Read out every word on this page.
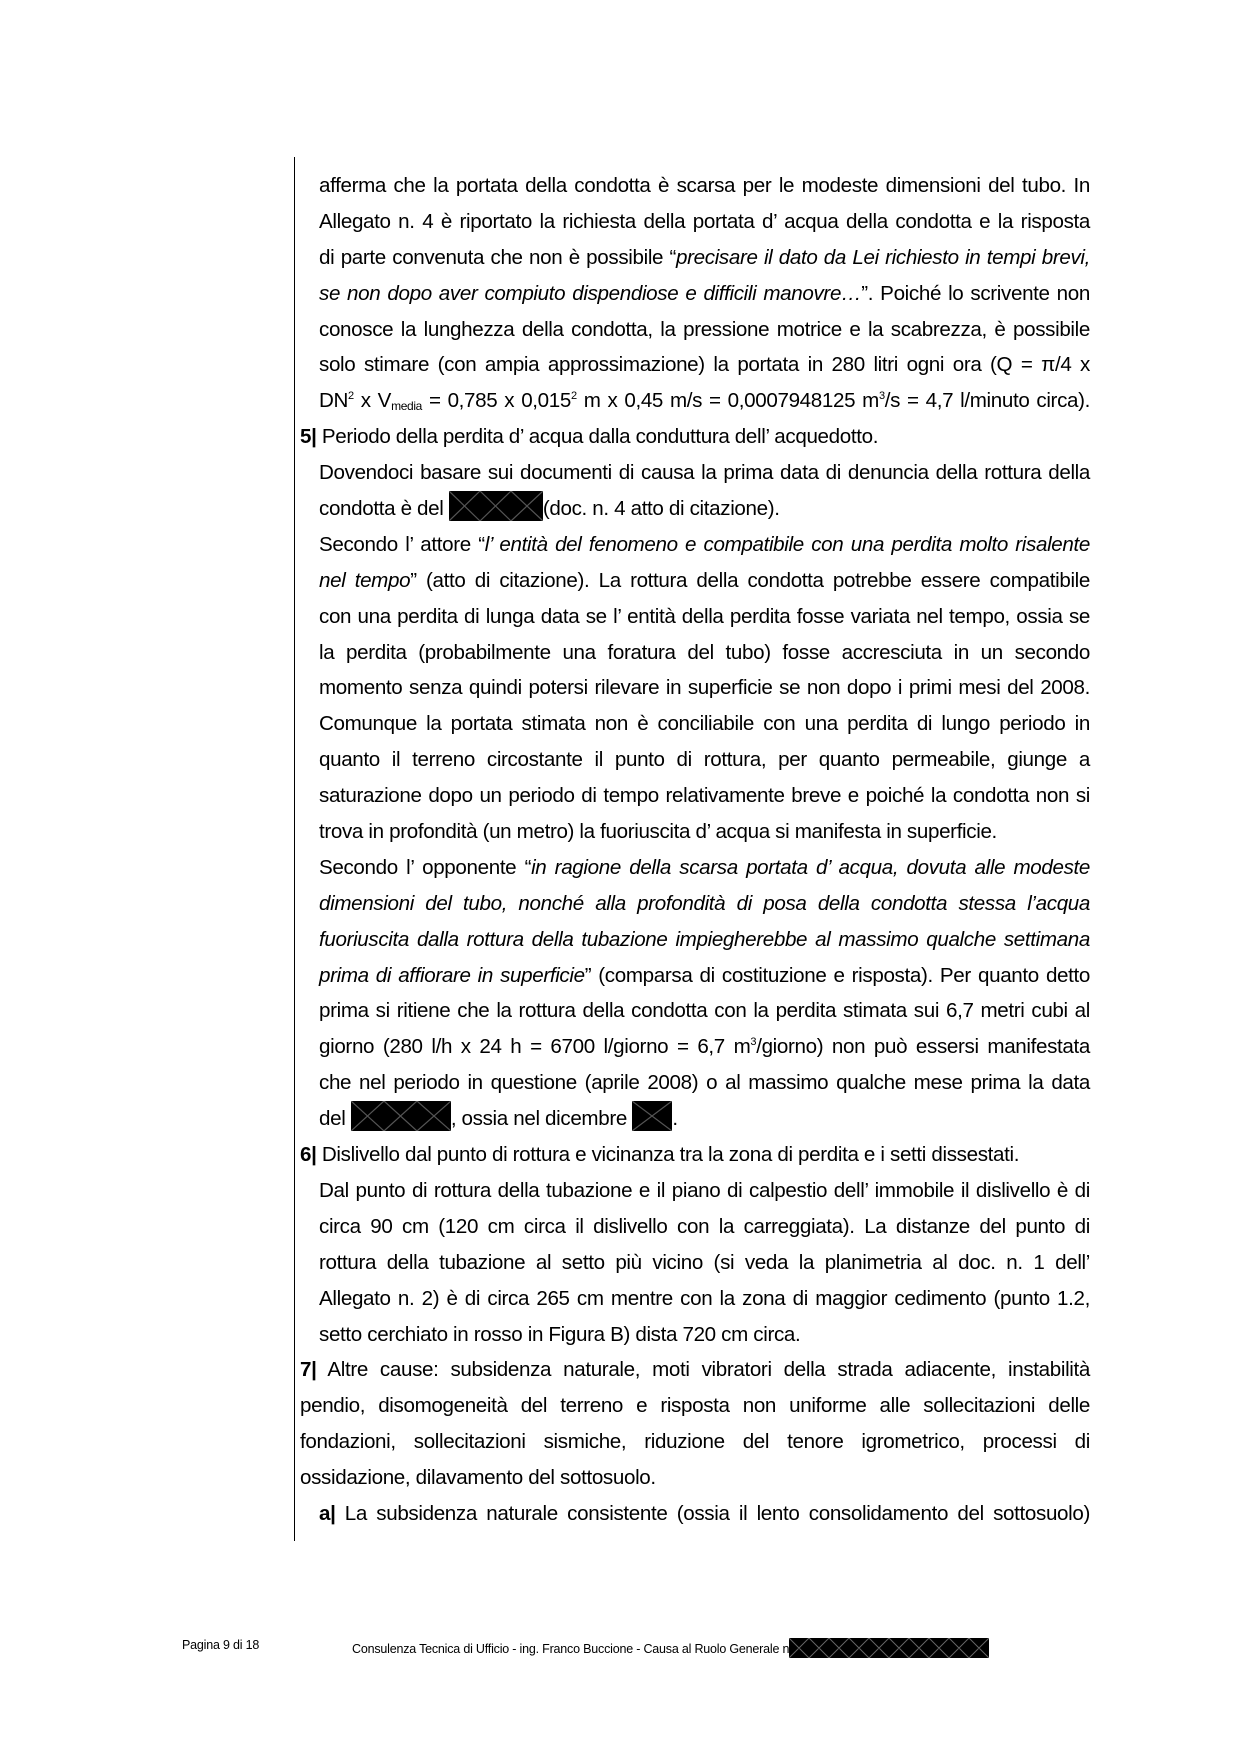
afferma che la portata della condotta è scarsa per le modeste dimensioni del tubo. In
Allegato n. 4 è riportato la richiesta della portata d’ acqua della condotta e la risposta
di parte convenuta che non è possibile “precisare il dato da Lei richiesto in tempi brevi,
se non dopo aver compiuto dispendiose e difficili manovre…”. Poiché lo scrivente non
conosce la lunghezza della condotta, la pressione motrice e la scabrezza, è possibile
solo stimare (con ampia approssimazione) la portata in 280 litri ogni ora (Q = π/4 x
$DN^2$ x $V_{media} = 0,785$ x 0,015$^2$ m x 0,45 m/s = 0,0007948125 $m^3/s = 4,7$ l/minuto circa).
5| Periodo della perdita d’ acqua dalla conduttura dell’ acquedotto.
Dovendoci basare sui documenti di causa la prima data di denuncia della rottura della
condotta è del	(doc. n. 4 atto di citazione).
Secondo l’ attore “l’ entità del fenomeno e compatibile con una perdita molto risalente
nel tempo” (atto di citazione). La rottura della condotta potrebbe essere compatibile
con una perdita di lunga data se l’ entità della perdita fosse variata nel tempo, ossia se
la perdita (probabilmente una foratura del tubo) fosse accresciuta in un secondo
momento senza quindi potersi rilevare in superficie se non dopo i primi mesi del 2008.
Comunque la portata stimata non è conciliabile con una perdita di lungo periodo in
quanto il terreno circostante il punto di rottura, per quanto permeabile, giunge a
saturazione dopo un periodo di tempo relativamente breve e poiché la condotta non si
trova in profondità (un metro) la fuoriuscita d’ acqua si manifesta in superficie.
Secondo l’ opponente “in ragione della scarsa portata d’ acqua, dovuta alle modeste
dimensioni del tubo, nonché alla profondità di posa della condotta stessa l’acqua
fuoriuscita dalla rottura della tubazione impiegherebbe al massimo qualche settimana
prima di affiorare in superficie” (comparsa di costituzione e risposta). Per quanto detto
prima si ritiene che la rottura della condotta con la perdita stimata sui 6,7 metri cubi al
giorno (280 l/h x 24 h = 6700 l/giorno = 6,7 $m^3/giorno$) non può essersi manifestata
che nel periodo in questione (aprile 2008) o al massimo qualche mese prima la data
del	, ossia nel dicembre
.
6| Dislivello dal punto di rottura e vicinanza tra la zona di perdita e i setti dissestati.
Dal punto di rottura della tubazione e il piano di calpestio dell’ immobile il dislivello è di
circa 90 cm (120 cm circa il dislivello con la carreggiata). La distanze del punto di
rottura della tubazione al setto più vicino (si veda la planimetria al doc. n. 1 dell’
Allegato n. 2) è di circa 265 cm mentre con la zona di maggior cedimento (punto 1.2,
setto cerchiato in rosso in Figura B) dista 720 cm circa.
7| Altre cause: subsidenza naturale, moti vibratori della strada adiacente, instabilità
pendio, disomogeneità del terreno e risposta non uniforme alle sollecitazioni delle
fondazioni, sollecitazioni sismiche, riduzione del tenore igrometrico, processi di
ossidazione, dilavamento del sottosuolo.
a| La subsidenza naturale consistente (ossia il lento consolidamento del sottosuolo)
Pagina 9 di 18	Consulenza Tecnica di Ufficio - ing. Franco Buccione - Causa al Ruolo Generale n
